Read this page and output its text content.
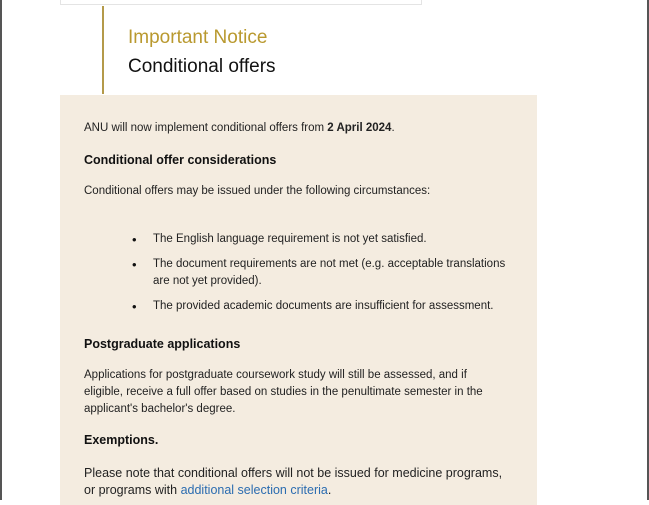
Important Notice
Conditional offers
ANU will now implement conditional offers from 2 April 2024.
Conditional offer considerations
Conditional offers may be issued under the following circumstances:
• The English language requirement is not yet satisfied.
• The document requirements are not met (e.g. acceptable translations are not yet provided).
• The provided academic documents are insufficient for assessment.
Postgraduate applications
Applications for postgraduate coursework study will still be assessed, and if eligible, receive a full offer based on studies in the penultimate semester in the applicant's bachelor's degree.
Exemptions.
Please note that conditional offers will not be issued for medicine programs, or programs with additional selection criteria.
